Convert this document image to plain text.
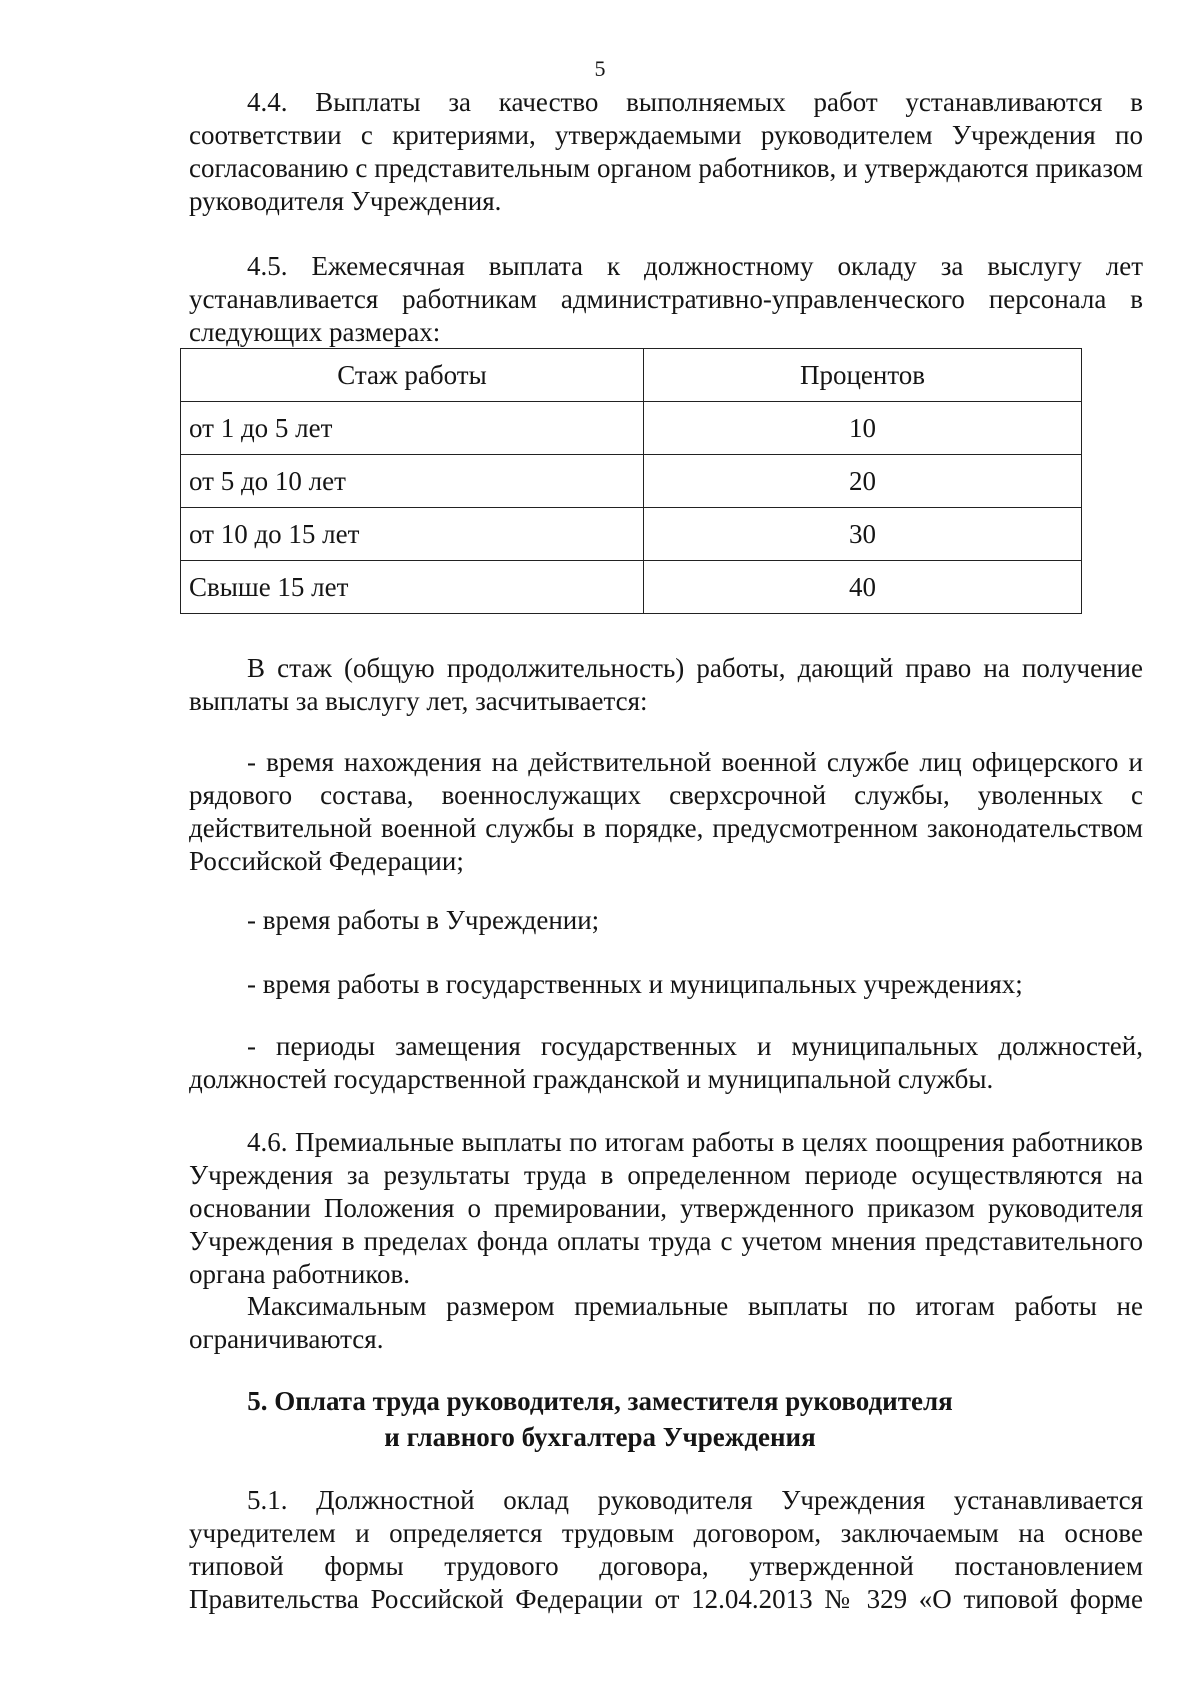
5

4.4. Выплаты за качество выполняемых работ устанавливаются в соответствии с критериями, утверждаемыми руководителем Учреждения по согласованию с представительным органом работников, и утверждаются приказом руководителя Учреждения.

4.5. Ежемесячная выплата к должностному окладу за выслугу лет устанавливается работникам административно-управленческого персонала в следующих размерах:

Стаж работы	Процентов
от 1 до 5 лет	10
от 5 до 10 лет	20
от 10 до 15 лет	30
Свыше 15 лет	40

В стаж (общую продолжительность) работы, дающий право на получение выплаты за выслугу лет, засчитывается:

- время нахождения на действительной военной службе лиц офицерского и рядового состава, военнослужащих сверхсрочной службы, уволенных с действительной военной службы в порядке, предусмотренном законодательством Российской Федерации;

- время работы в Учреждении;

- время работы в государственных и муниципальных учреждениях;

- периоды замещения государственных и муниципальных должностей, должностей государственной гражданской и муниципальной службы.

4.6. Премиальные выплаты по итогам работы в целях поощрения работников Учреждения за результаты труда в определенном периоде осуществляются на основании Положения о премировании, утвержденного приказом руководителя Учреждения в пределах фонда оплаты труда с учетом мнения представительного органа работников.

Максимальным размером премиальные выплаты по итогам работы не ограничиваются.

5. Оплата труда руководителя, заместителя руководителя

и главного бухгалтера Учреждения

5.1. Должностной оклад руководителя Учреждения устанавливается учредителем и определяется трудовым договором, заключаемым на основе типовой формы трудового договора, утвержденной постановлением Правительства Российской Федерации от 12.04.2013 № 329 «О типовой форме
